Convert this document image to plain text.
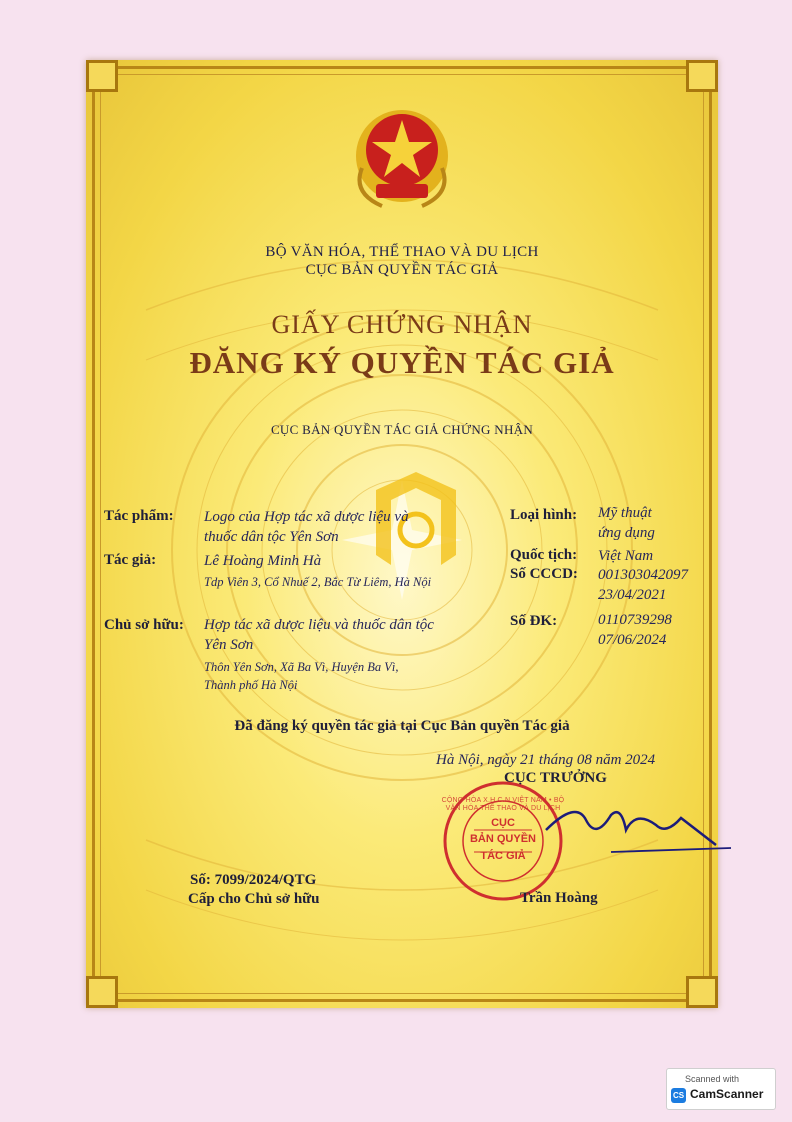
BỘ VĂN HÓA, THỂ THAO VÀ DU LỊCH
CỤC BẢN QUYỀN TÁC GIẢ
GIẤY CHỨNG NHẬN
ĐĂNG KÝ QUYỀN TÁC GIẢ
CỤC BẢN QUYỀN TÁC GIẢ CHỨNG NHẬN
Tác phẩm: Logo của Hợp tác xã dược liệu và
thuốc dân tộc Yên Sơn
Tác giả:	Lê Hoàng Minh Hà
Tdp Viên 3, Cổ Nhuế 2, Bắc Từ Liêm, Hà Nội
Chủ sở hữu: Hợp tác xã dược liệu và thuốc dân tộc
Yên Sơn
Thôn Yên Sơn, Xã Ba Vì, Huyện Ba Vì,
Thành phố Hà Nội
Loại hình: Mỹ thuật
ứng dụng
Quốc tịch: Việt Nam
Số CCCD: 001303042097
23/04/2021
Số ĐK:	0110739298
07/06/2024
Đã đăng ký quyền tác giả tại Cục Bản quyền Tác giả
Hà Nội, ngày 21 tháng 08 năm 2024
CỤC TRƯỞNG
CỘNG HÒA X.H.C.N VIỆT NAM • BỘ VĂN HÓA THỂ THAO VÀ DU LỊCH
CỤC
BẢN QUYỀN
TÁC GIẢ
Số: 7099/2024/QTG
Cấp cho Chủ sở hữu	Trần Hoàng
Scanned with
CS CamScanner
